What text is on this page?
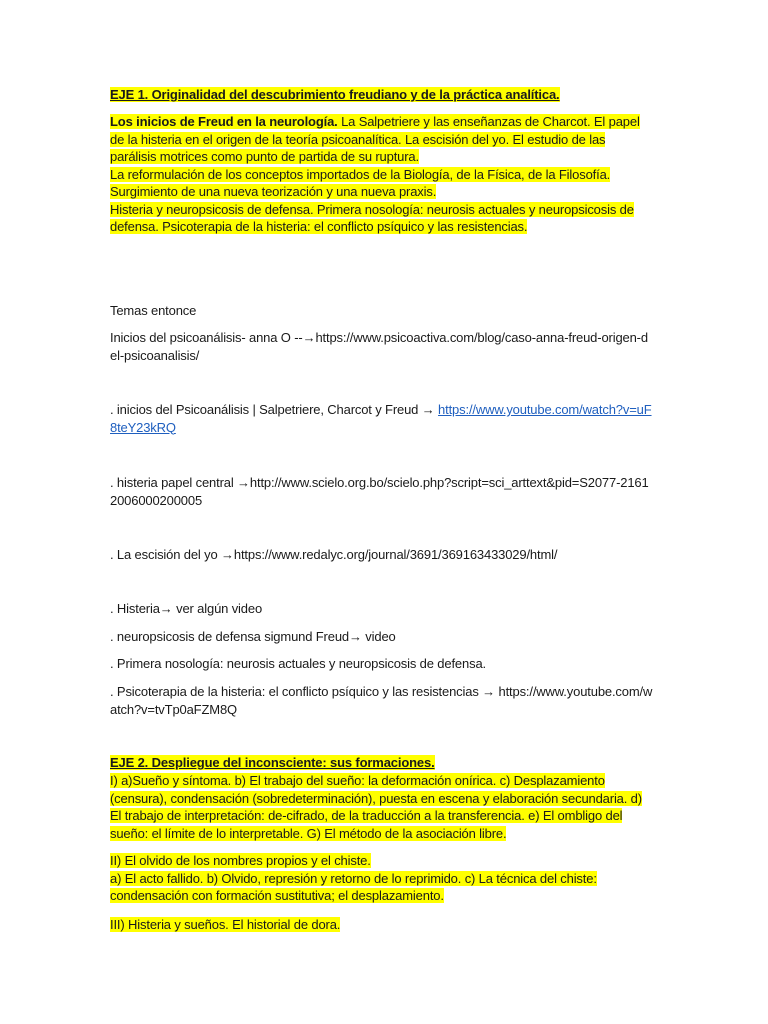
EJE 1. Originalidad del descubrimiento freudiano y de la práctica analítica.
Los inicios de Freud en la neurología. La Salpetriere y las enseñanzas de Charcot. El papel de la histeria en el origen de la teoría psicoanalítica. La escisión del yo. El estudio de las parálisis motrices como punto de partida de su ruptura.
La reformulación de los conceptos importados de la Biología, de la Física, de la Filosofía. Surgimiento de una nueva teorización y una nueva praxis.
Histeria y neuropsicosis de defensa. Primera nosología: neurosis actuales y neuropsicosis de defensa. Psicoterapia de la histeria: el conflicto psíquico y las resistencias.
Temas entonce
Inicios del psicoanálisis- anna O --→https://www.psicoactiva.com/blog/caso-anna-freud-origen-del-psicoanalisis/
. inicios del Psicoanálisis | Salpetriere, Charcot y Freud → https://www.youtube.com/watch?v=uF8teY23kRQ
. histeria papel central →http://www.scielo.org.bo/scielo.php?script=sci_arttext&pid=S2077-21612006000200005
. La escisión del yo →https://www.redalyc.org/journal/3691/369163433029/html/
. Histeria→ ver algún video
. neuropsicosis de defensa sigmund Freud→ video
. Primera nosología: neurosis actuales y neuropsicosis de defensa.
. Psicoterapia de la histeria: el conflicto psíquico y las resistencias → https://www.youtube.com/watch?v=tvTp0aFZM8Q
EJE 2. Despliegue del inconsciente: sus formaciones.
I) a)Sueño y síntoma. b) El trabajo del sueño: la deformación onírica. c) Desplazamiento (censura), condensación (sobredeterminación), puesta en escena y elaboración secundaria. d) El trabajo de interpretación: de-cifrado, de la traducción a la transferencia. e) El ombligo del sueño: el límite de lo interpretable. G) El método de la asociación libre.
II) El olvido de los nombres propios y el chiste.
a) El acto fallido. b) Olvido, represión y retorno de lo reprimido. c) La técnica del chiste: condensación con formación sustitutiva; el desplazamiento.
III) Histeria y sueños. El historial de dora.
